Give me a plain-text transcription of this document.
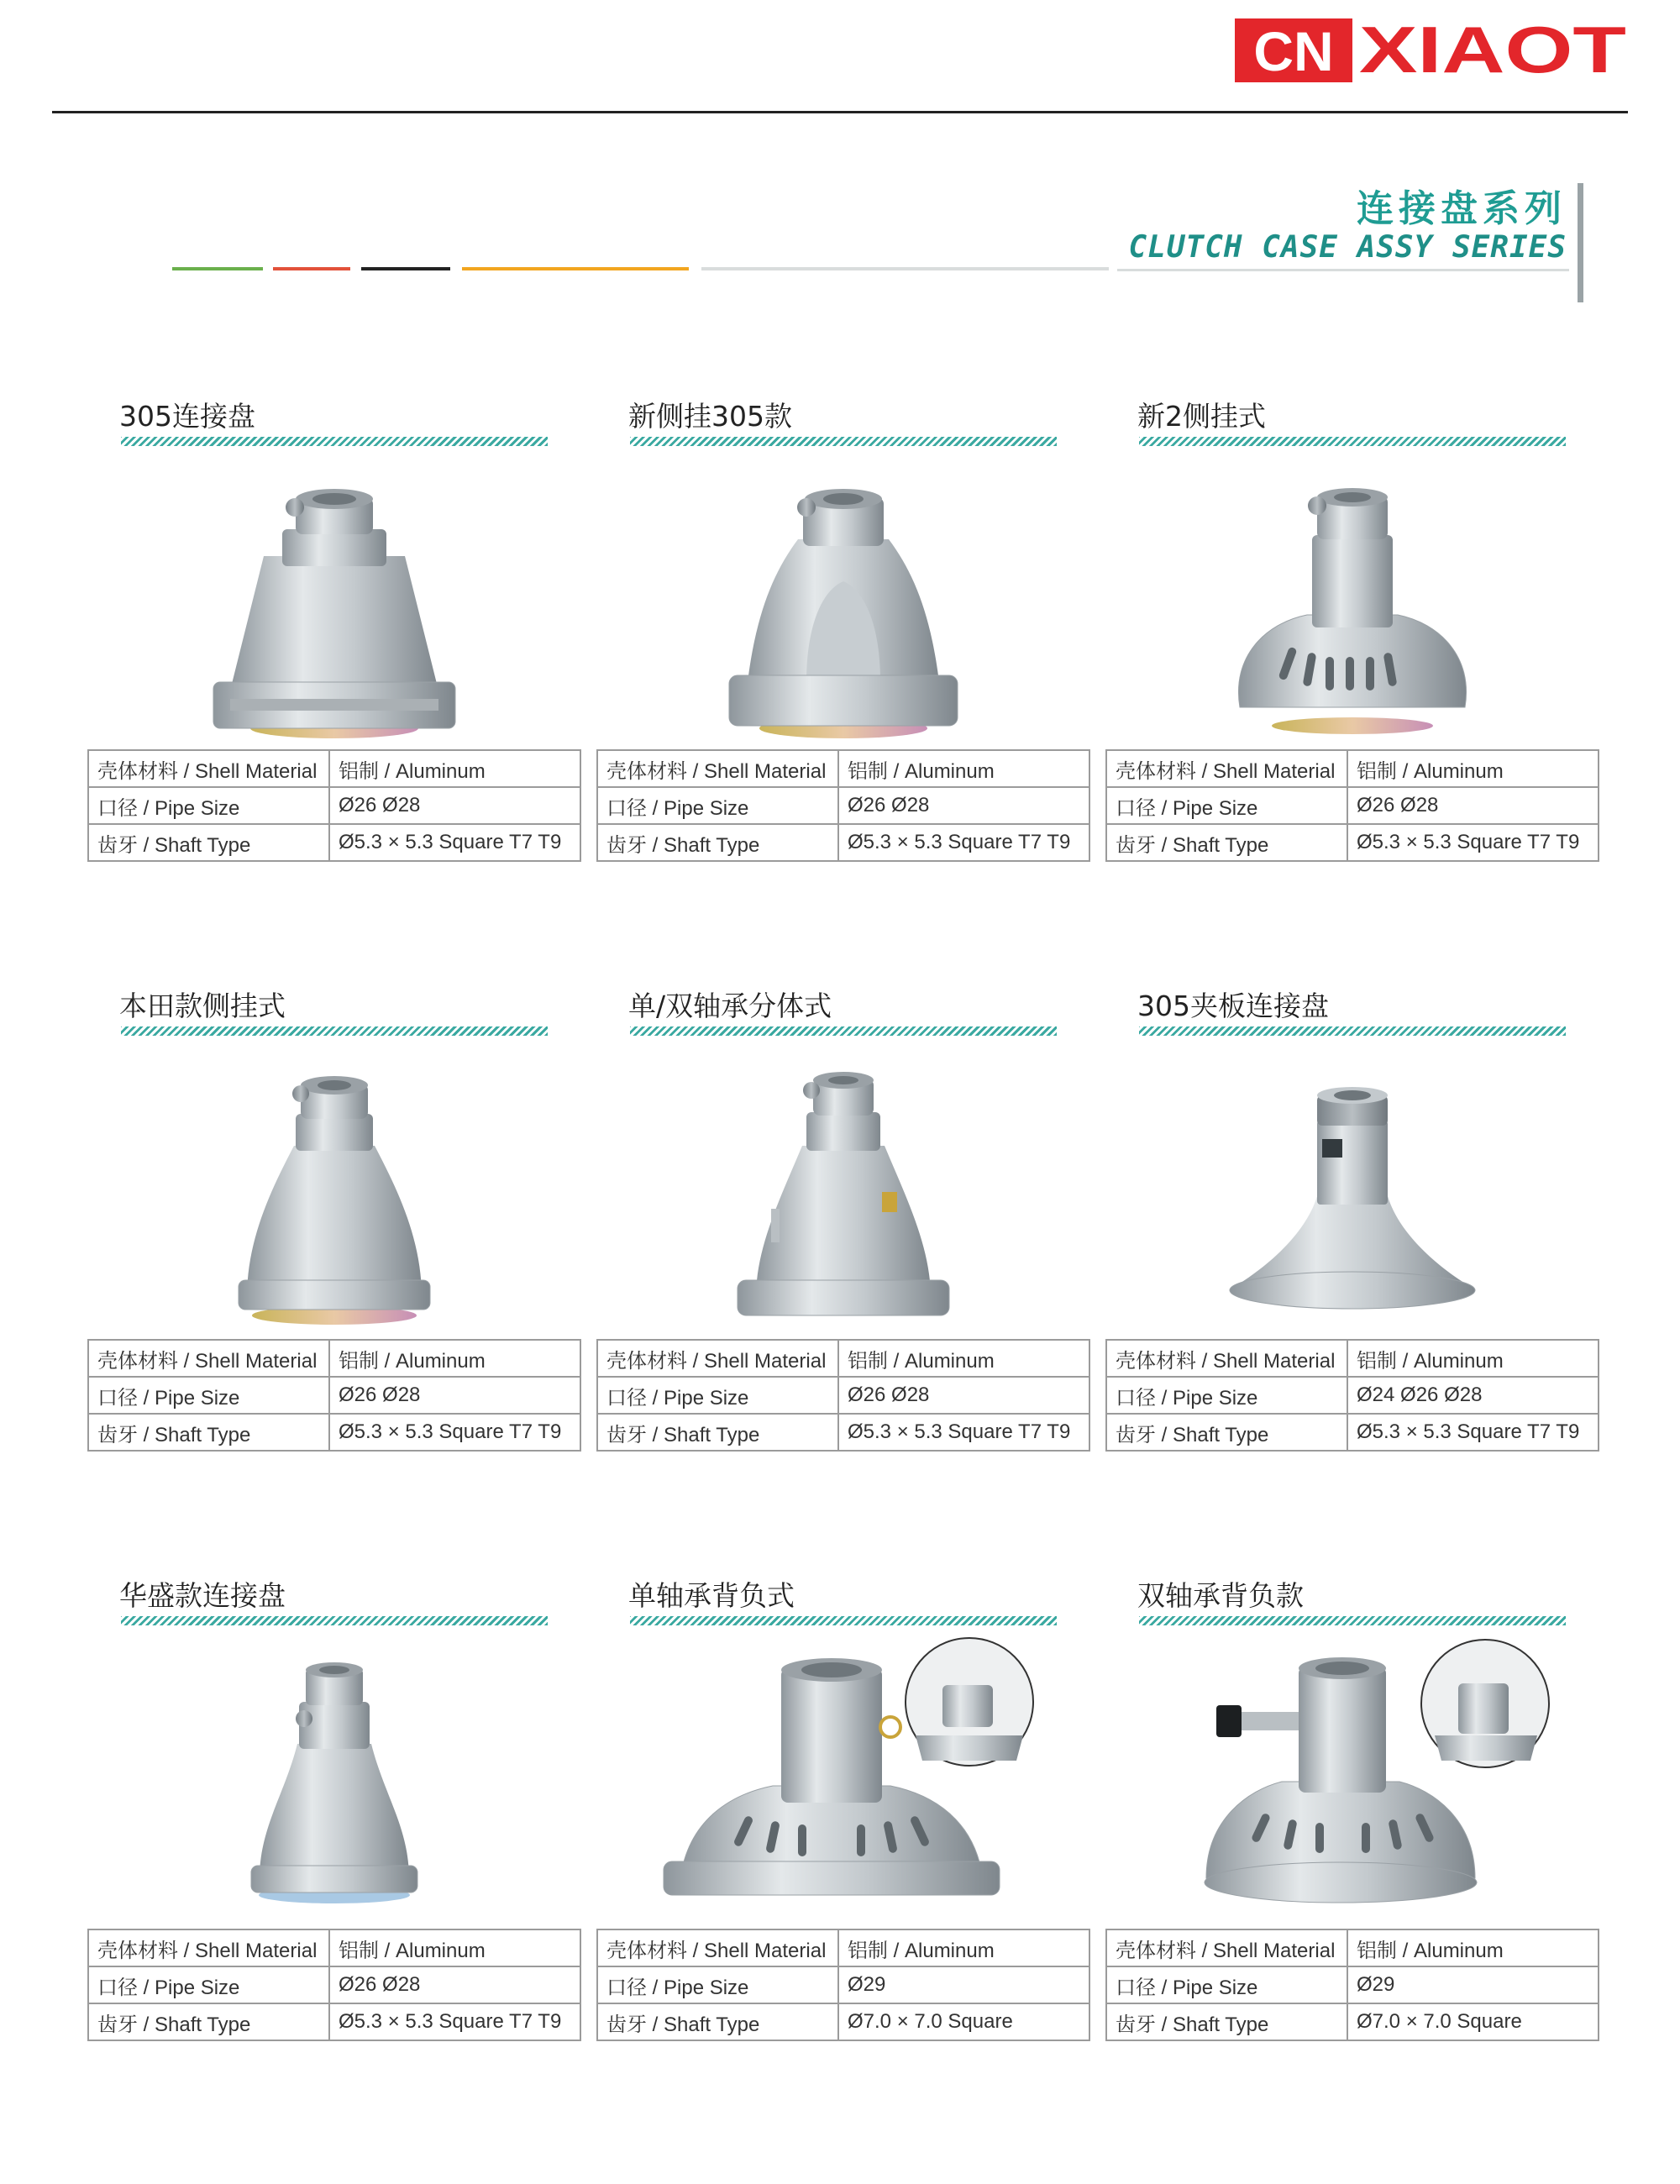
CN XIAOT
连接盘系列
CLUTCH CASE ASSY SERIES
305连接盘
壳体材料 / Shell Material	铝制 / Aluminum
口径 / Pipe Size	Ø26 Ø28
齿牙 / Shaft Type	Ø5.3 × 5.3 Square T7 T9
新侧挂305款
壳体材料 / Shell Material	铝制 / Aluminum
口径 / Pipe Size	Ø26 Ø28
齿牙 / Shaft Type	Ø5.3 × 5.3 Square T7 T9
新2侧挂式
壳体材料 / Shell Material	铝制 / Aluminum
口径 / Pipe Size	Ø26 Ø28
齿牙 / Shaft Type	Ø5.3 × 5.3 Square T7 T9
本田款侧挂式
壳体材料 / Shell Material	铝制 / Aluminum
口径 / Pipe Size	Ø26 Ø28
齿牙 / Shaft Type	Ø5.3 × 5.3 Square T7 T9
单/双轴承分体式
壳体材料 / Shell Material	铝制 / Aluminum
口径 / Pipe Size	Ø26 Ø28
齿牙 / Shaft Type	Ø5.3 × 5.3 Square T7 T9
305夹板连接盘
壳体材料 / Shell Material	铝制 / Aluminum
口径 / Pipe Size	Ø24 Ø26 Ø28
齿牙 / Shaft Type	Ø5.3 × 5.3 Square T7 T9
华盛款连接盘
壳体材料 / Shell Material	铝制 / Aluminum
口径 / Pipe Size	Ø26 Ø28
齿牙 / Shaft Type	Ø5.3 × 5.3 Square T7 T9
单轴承背负式
壳体材料 / Shell Material	铝制 / Aluminum
口径 / Pipe Size	Ø29
齿牙 / Shaft Type	Ø7.0 × 7.0 Square
双轴承背负款
壳体材料 / Shell Material	铝制 / Aluminum
口径 / Pipe Size	Ø29
齿牙 / Shaft Type	Ø7.0 × 7.0 Square
